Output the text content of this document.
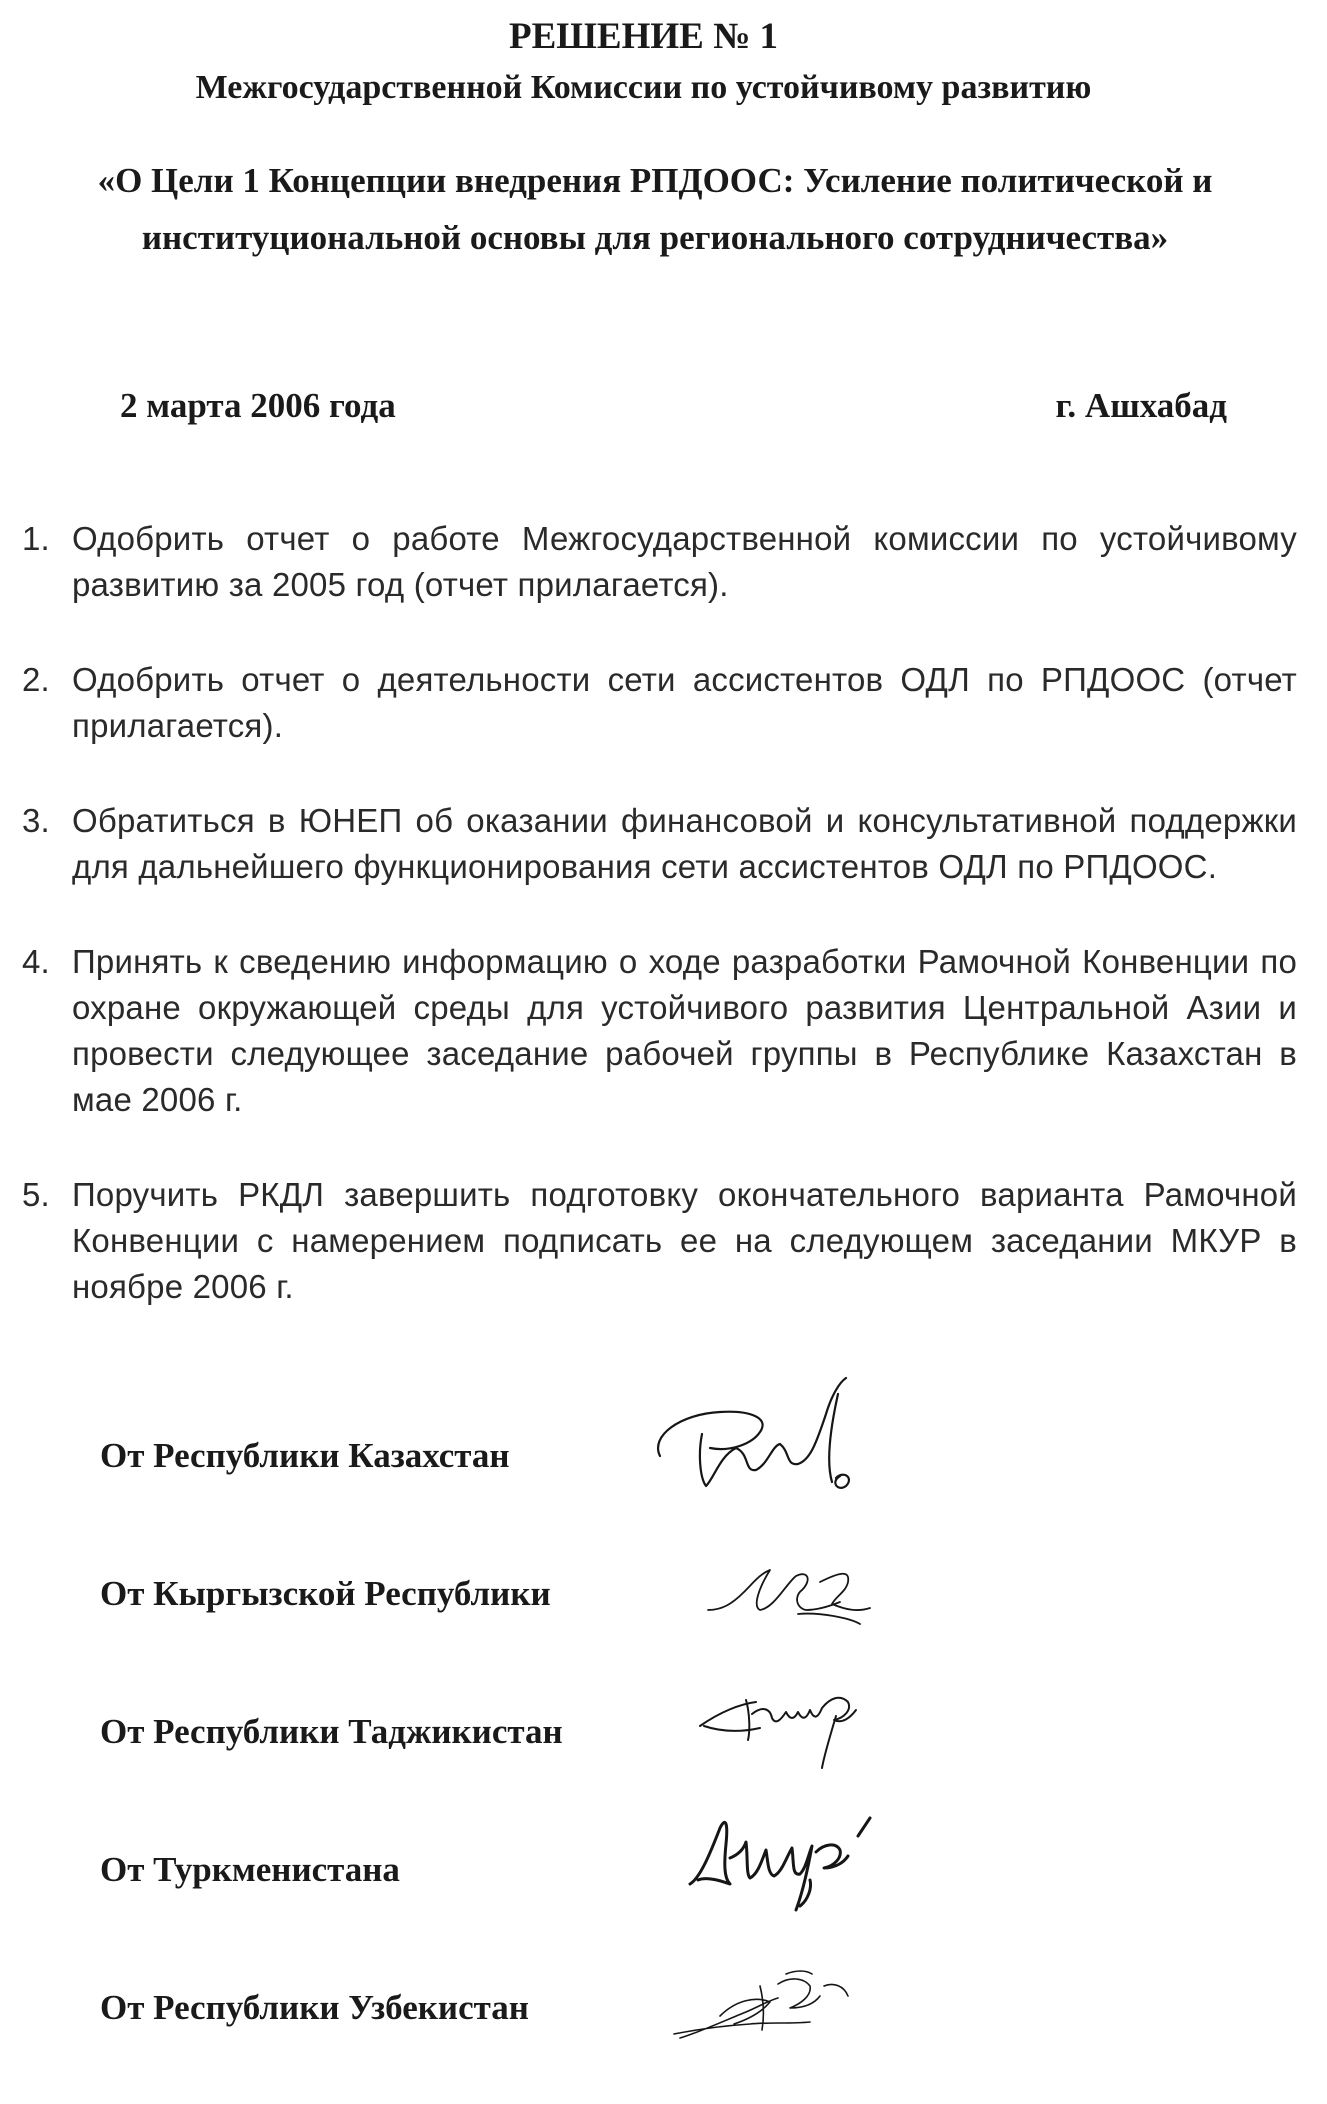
РЕШЕНИЕ № 1
Межгосударственной Комиссии по устойчивому развитию
«О Цели 1 Концепции внедрения РПДООС: Усиление политической и
институциональной основы для регионального сотрудничества»
2 марта 2006 года	г. Ашхабад
1. Одобрить отчет о работе Межгосударственной комиссии по устойчивому развитию за 2005 год (отчет прилагается).
2. Одобрить отчет о деятельности сети ассистентов ОДЛ по РПДООС (отчет прилагается).
3. Обратиться в ЮНЕП об оказании финансовой и консультативной поддержки для дальнейшего функционирования сети ассистентов ОДЛ по РПДООС.
4. Принять к сведению информацию о ходе разработки Рамочной Конвенции по охране окружающей среды для устойчивого развития Центральной Азии и провести следующее заседание рабочей группы в Республике Казахстан в мае 2006 г.
5. Поручить РКДЛ завершить подготовку окончательного варианта Рамочной Конвенции с намерением подписать ее на следующем заседании МКУР в ноябре 2006 г.
От Республики Казахстан
От Кыргызской Республики
От Республики Таджикистан
От Туркменистана
От Республики Узбекистан
